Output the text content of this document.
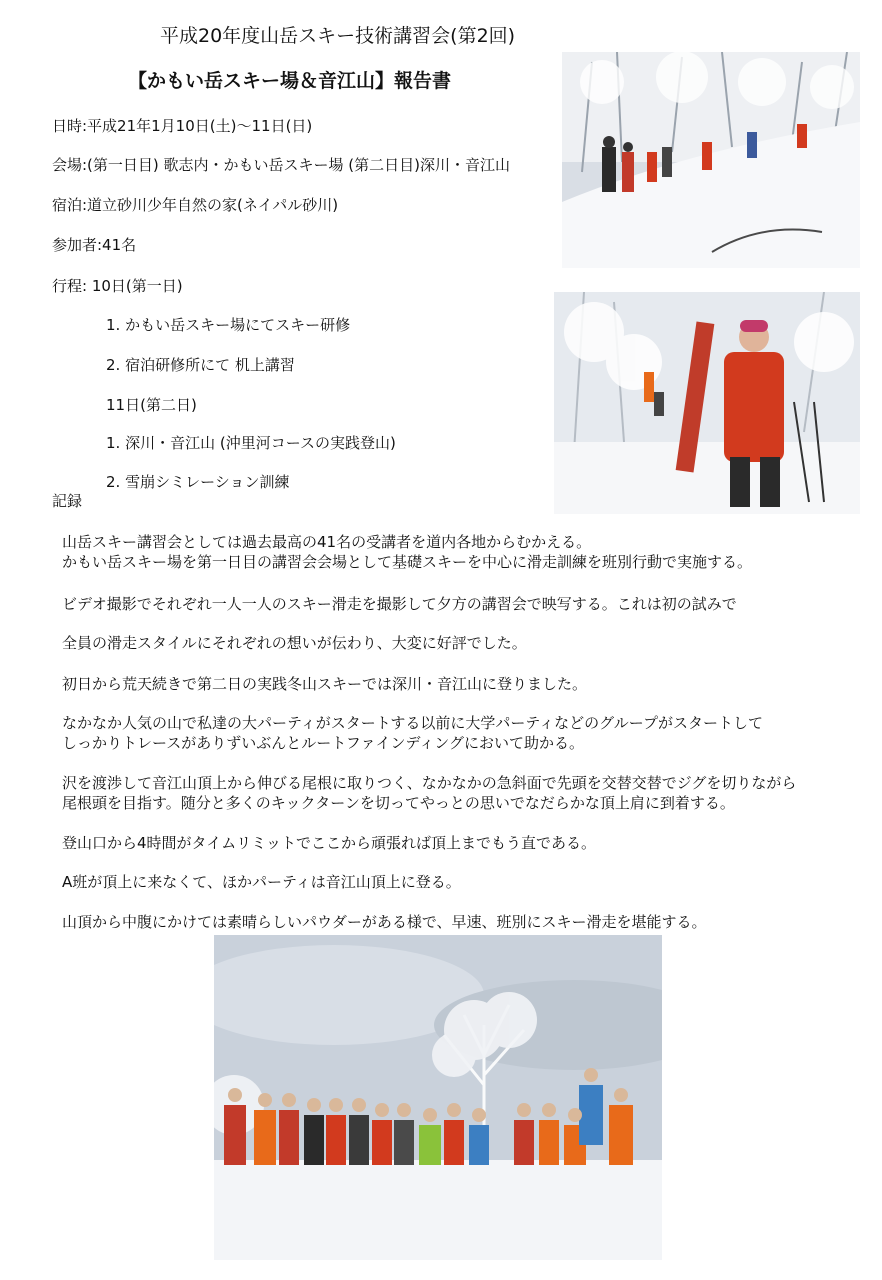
平成20年度山岳スキー技術講習会(第2回)
【かもい岳スキー場＆音江山】報告書
日時:平成21年1月10日(土)～11日(日)
会場:(第一日目) 歌志内・かもい岳スキー場 (第二日目)深川・音江山
宿泊:道立砂川少年自然の家(ネイパル砂川)
参加者:41名
行程: 10日(第一日)
1. かもい岳スキー場にてスキー研修
2. 宿泊研修所にて 机上講習
11日(第二日)
1. 深川・音江山 (沖里河コースの実践登山)
2. 雪崩シミレーション訓練
記録
山岳スキー講習会としては過去最高の41名の受講者を道内各地からむかえる。
かもい岳スキー場を第一日目の講習会会場として基礎スキーを中心に滑走訓練を班別行動で実施する。
ビデオ撮影でそれぞれ一人一人のスキー滑走を撮影して夕方の講習会で映写する。これは初の試みで
全員の滑走スタイルにそれぞれの想いが伝わり、大変に好評でした。
初日から荒天続きで第二日の実践冬山スキーでは深川・音江山に登りました。
なかなか人気の山で私達の大パーティがスタートする以前に大学パーティなどのグループがスタートして
しっかりトレースがありずいぶんとルートファインディングにおいて助かる。
沢を渡渉して音江山頂上から伸びる尾根に取りつく、なかなかの急斜面で先頭を交替交替でジグを切りながら
尾根頭を目指す。随分と多くのキックターンを切ってやっとの思いでなだらかな頂上肩に到着する。
登山口から4時間がタイムリミットでここから頑張れば頂上までもう直である。
A班が頂上に来なくて、ほかパーティは音江山頂上に登る。
山頂から中腹にかけては素晴らしいパウダーがある様で、早速、班別にスキー滑走を堪能する。
